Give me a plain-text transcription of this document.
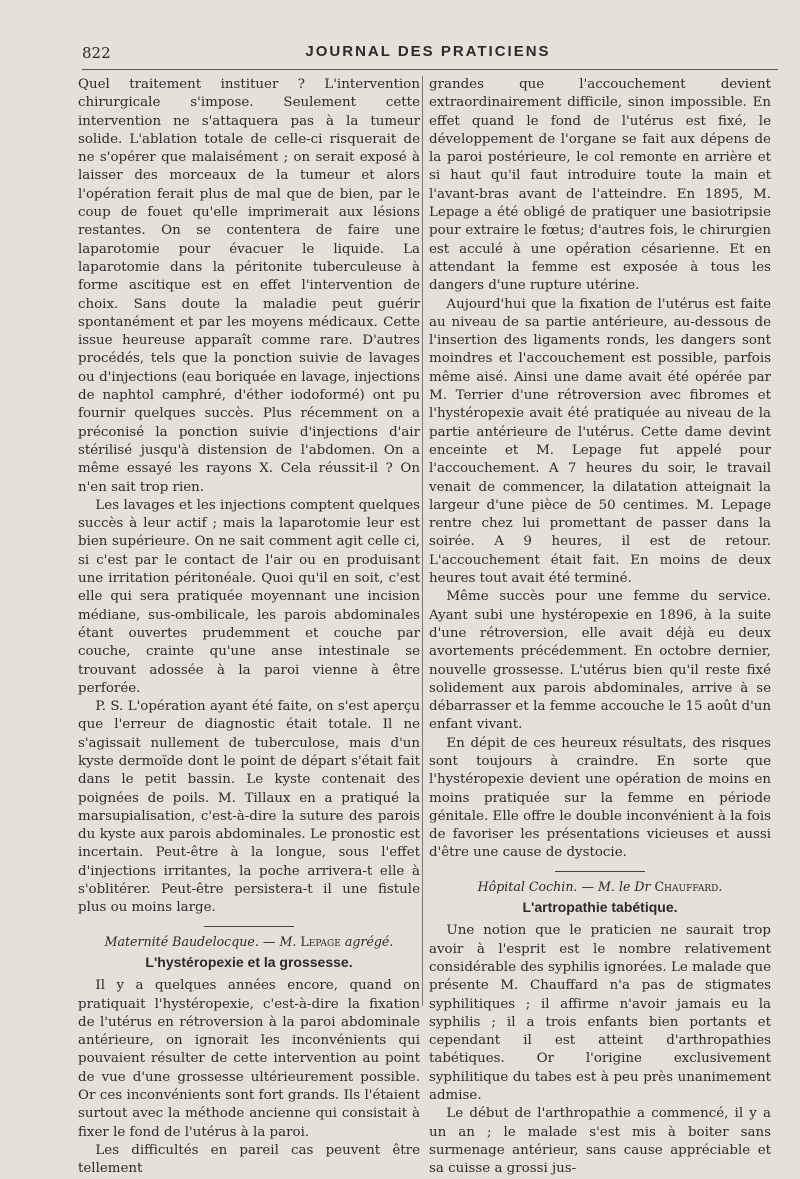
822	JOURNAL DES PRATICIENS

Quel traitement instituer ? L'intervention chirurgicale s'impose. Seulement cette intervention ne s'attaquera pas à la tumeur solide. L'ablation totale de celle-ci risquerait de ne s'opérer que malaisément ; on serait exposé à laisser des morceaux de la tumeur et alors l'opération ferait plus de mal que de bien, par le coup de fouet qu'elle imprimerait aux lésions restantes. On se contentera de faire une laparotomie pour évacuer le liquide. La laparotomie dans la péritonite tuberculeuse à forme ascitique est en effet l'intervention de choix. Sans doute la maladie peut guérir spontanément et par les moyens médicaux. Cette issue heureuse apparaît comme rare. D'autres procédés, tels que la ponction suivie de lavages ou d'injections (eau boriquée en lavage, injections de naphtol camphré, d'éther iodoformé) ont pu fournir quelques succès. Plus récemment on a préconisé la ponction suivie d'injections d'air stérilisé jusqu'à distension de l'abdomen. On a même essayé les rayons X. Cela réussit-il ? On n'en sait trop rien.

Les lavages et les injections comptent quelques succès à leur actif ; mais la laparotomie leur est bien supérieure. On ne sait comment agit celle ci, si c'est par le contact de l'air ou en produisant une irritation péritonéale. Quoi qu'il en soit, c'est elle qui sera pratiquée moyennant une incision médiane, sus-ombilicale, les parois abdominales étant ouvertes prudemment et couche par couche, crainte qu'une anse intestinale se trouvant adossée à la paroi vienne à être perforée.

P. S. L'opération ayant été faite, on s'est aperçu que l'erreur de diagnostic était totale. Il ne s'agissait nullement de tuberculose, mais d'un kyste dermoïde dont le point de départ s'était fait dans le petit bassin. Le kyste contenait des poignées de poils. M. Tillaux en a pratiqué la marsupialisation, c'est-à-dire la suture des parois du kyste aux parois abdominales. Le pronostic est incertain. Peut-être à la longue, sous l'effet d'injections irritantes, la poche arrivera-t elle à s'oblitérer. Peut-être persistera-t il une fistule plus ou moins large.

Maternité Baudelocque. — M. Lepage agrégé.
L'hystéropexie et la grossesse.

Il y a quelques années encore, quand on pratiquait l'hystéropexie, c'est-à-dire la fixation de l'utérus en rétroversion à la paroi abdominale antérieure, on ignorait les inconvénients qui pouvaient résulter de cette intervention au point de vue d'une grossesse ultérieurement possible. Or ces inconvénients sont fort grands. Ils l'étaient surtout avec la méthode ancienne qui consistait à fixer le fond de l'utérus à la paroi.

Les difficultés en pareil cas peuvent être tellement

grandes que l'accouchement devient extraordinairement difficile, sinon impossible. En effet quand le fond de l'utérus est fixé, le développement de l'organe se fait aux dépens de la paroi postérieure, le col remonte en arrière et si haut qu'il faut introduire toute la main et l'avant-bras avant de l'atteindre. En 1895, M. Lepage a été obligé de pratiquer une basiotripsie pour extraire le fœtus; d'autres fois, le chirurgien est acculé à une opération césarienne. Et en attendant la femme est exposée à tous les dangers d'une rupture utérine.

Aujourd'hui que la fixation de l'utérus est faite au niveau de sa partie antérieure, au-dessous de l'insertion des ligaments ronds, les dangers sont moindres et l'accouchement est possible, parfois même aisé. Ainsi une dame avait été opérée par M. Terrier d'une rétroversion avec fibromes et l'hystéropexie avait été pratiquée au niveau de la partie antérieure de l'utérus. Cette dame devint enceinte et M. Lepage fut appelé pour l'accouchement. A 7 heures du soir, le travail venait de commencer, la dilatation atteignait la largeur d'une pièce de 50 centimes. M. Lepage rentre chez lui promettant de passer dans la soirée. A 9 heures, il est de retour. L'accouchement était fait. En moins de deux heures tout avait été terminé.

Même succès pour une femme du service. Ayant subi une hystéropexie en 1896, à la suite d'une rétroversion, elle avait déjà eu deux avortements précédemment. En octobre dernier, nouvelle grossesse. L'utérus bien qu'il reste fixé solidement aux parois abdominales, arrive à se débarrasser et la femme accouche le 15 août d'un enfant vivant.

En dépit de ces heureux résultats, des risques sont toujours à craindre. En sorte que l'hystéropexie devient une opération de moins en moins pratiquée sur la femme en période génitale. Elle offre le double inconvénient à la fois de favoriser les présentations vicieuses et aussi d'être une cause de dystocie.

Hôpital Cochin. — M. le Dr Chauffard.
L'artropathie tabétique.

Une notion que le praticien ne saurait trop avoir à l'esprit est le nombre relativement considérable des syphilis ignorées. Le malade que présente M. Chauffard n'a pas de stigmates syphilitiques ; il affirme n'avoir jamais eu la syphilis ; il a trois enfants bien portants et cependant il est atteint d'arthropathies tabétiques. Or l'origine exclusivement syphilitique du tabes est à peu près unanimement admise.

Le début de l'arthropathie a commencé, il y a un an ; le malade s'est mis à boiter sans surmenage antérieur, sans cause appréciable et sa cuisse a grossi jus-
